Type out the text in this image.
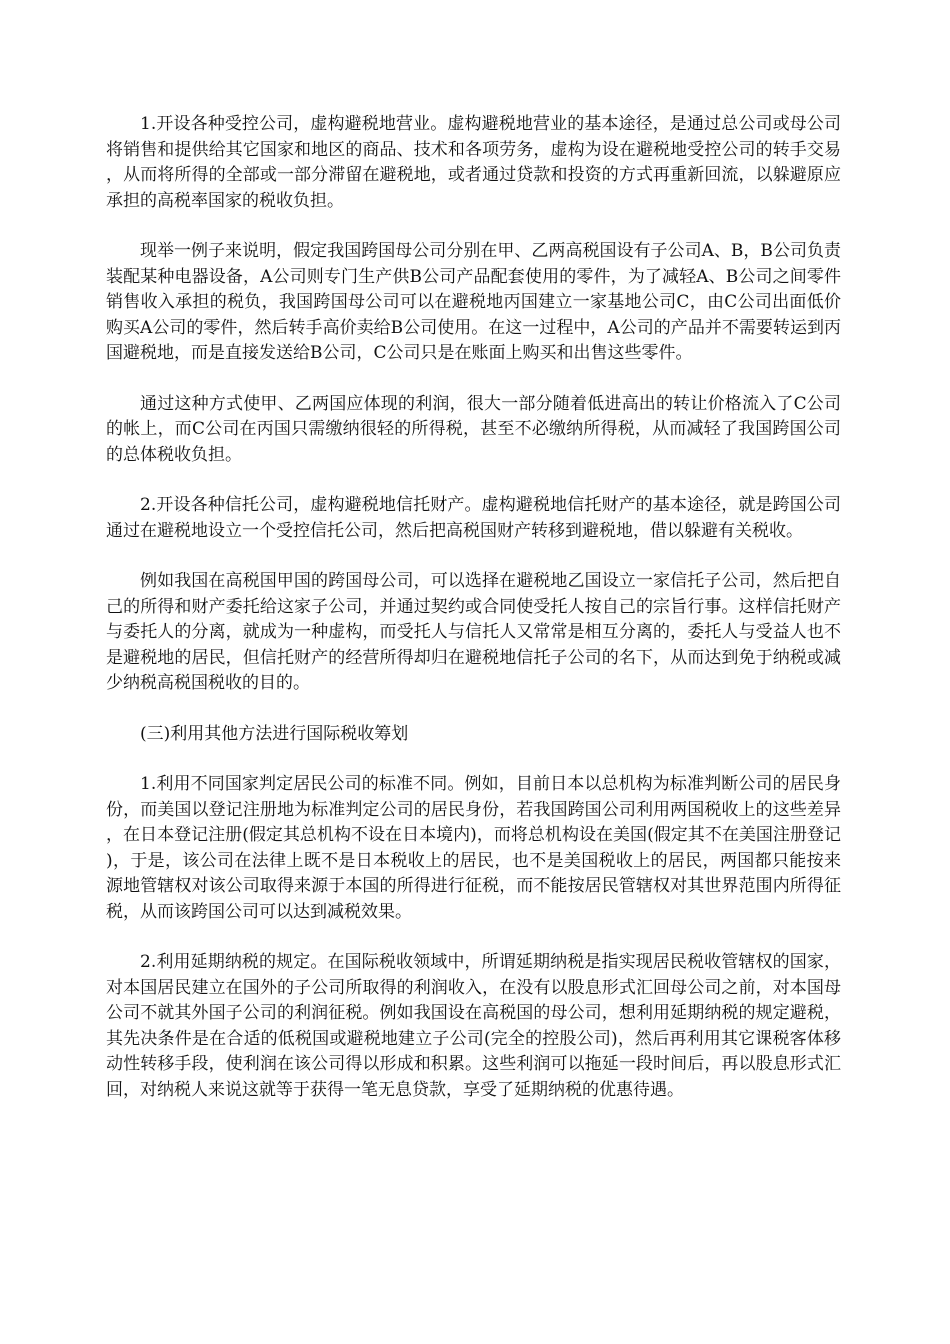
1.开设各种受控公司，虚构避税地营业。虚构避税地营业的基本途径，是通过总公司或母公司将销售和提供给其它国家和地区的商品、技术和各项劳务，虚构为设在避税地受控公司的转手交易，从而将所得的全部或一部分滞留在避税地，或者通过贷款和投资的方式再重新回流，以躲避原应承担的高税率国家的税收负担。

现举一例子来说明，假定我国跨国母公司分别在甲、乙两高税国设有子公司A、B，B公司负责装配某种电器设备，A公司则专门生产供B公司产品配套使用的零件，为了减轻A、B公司之间零件销售收入承担的税负，我国跨国母公司可以在避税地丙国建立一家基地公司C，由C公司出面低价购买A公司的零件，然后转手高价卖给B公司使用。在这一过程中，A公司的产品并不需要转运到丙国避税地，而是直接发送给B公司，C公司只是在账面上购买和出售这些零件。

通过这种方式使甲、乙两国应体现的利润，很大一部分随着低进高出的转让价格流入了C公司的帐上，而C公司在丙国只需缴纳很轻的所得税，甚至不必缴纳所得税，从而减轻了我国跨国公司的总体税收负担。

2.开设各种信托公司，虚构避税地信托财产。虚构避税地信托财产的基本途径，就是跨国公司通过在避税地设立一个受控信托公司，然后把高税国财产转移到避税地，借以躲避有关税收。

例如我国在高税国甲国的跨国母公司，可以选择在避税地乙国设立一家信托子公司，然后把自己的所得和财产委托给这家子公司，并通过契约或合同使受托人按自己的宗旨行事。这样信托财产与委托人的分离，就成为一种虚构，而受托人与信托人又常常是相互分离的，委托人与受益人也不是避税地的居民，但信托财产的经营所得却归在避税地信托子公司的名下，从而达到免于纳税或减少纳税高税国税收的目的。

(三)利用其他方法进行国际税收筹划

1.利用不同国家判定居民公司的标准不同。例如，目前日本以总机构为标准判断公司的居民身份，而美国以登记注册地为标准判定公司的居民身份，若我国跨国公司利用两国税收上的这些差异，在日本登记注册(假定其总机构不设在日本境内)，而将总机构设在美国(假定其不在美国注册登记)，于是，该公司在法律上既不是日本税收上的居民，也不是美国税收上的居民，两国都只能按来源地管辖权对该公司取得来源于本国的所得进行征税，而不能按居民管辖权对其世界范围内所得征税，从而该跨国公司可以达到减税效果。

2.利用延期纳税的规定。在国际税收领域中，所谓延期纳税是指实现居民税收管辖权的国家，对本国居民建立在国外的子公司所取得的利润收入，在没有以股息形式汇回母公司之前，对本国母公司不就其外国子公司的利润征税。例如我国设在高税国的母公司，想利用延期纳税的规定避税，其先决条件是在合适的低税国或避税地建立子公司(完全的控股公司)，然后再利用其它课税客体移动性转移手段，使利润在该公司得以形成和积累。这些利润可以拖延一段时间后，再以股息形式汇回，对纳税人来说这就等于获得一笔无息贷款，享受了延期纳税的优惠待遇。
